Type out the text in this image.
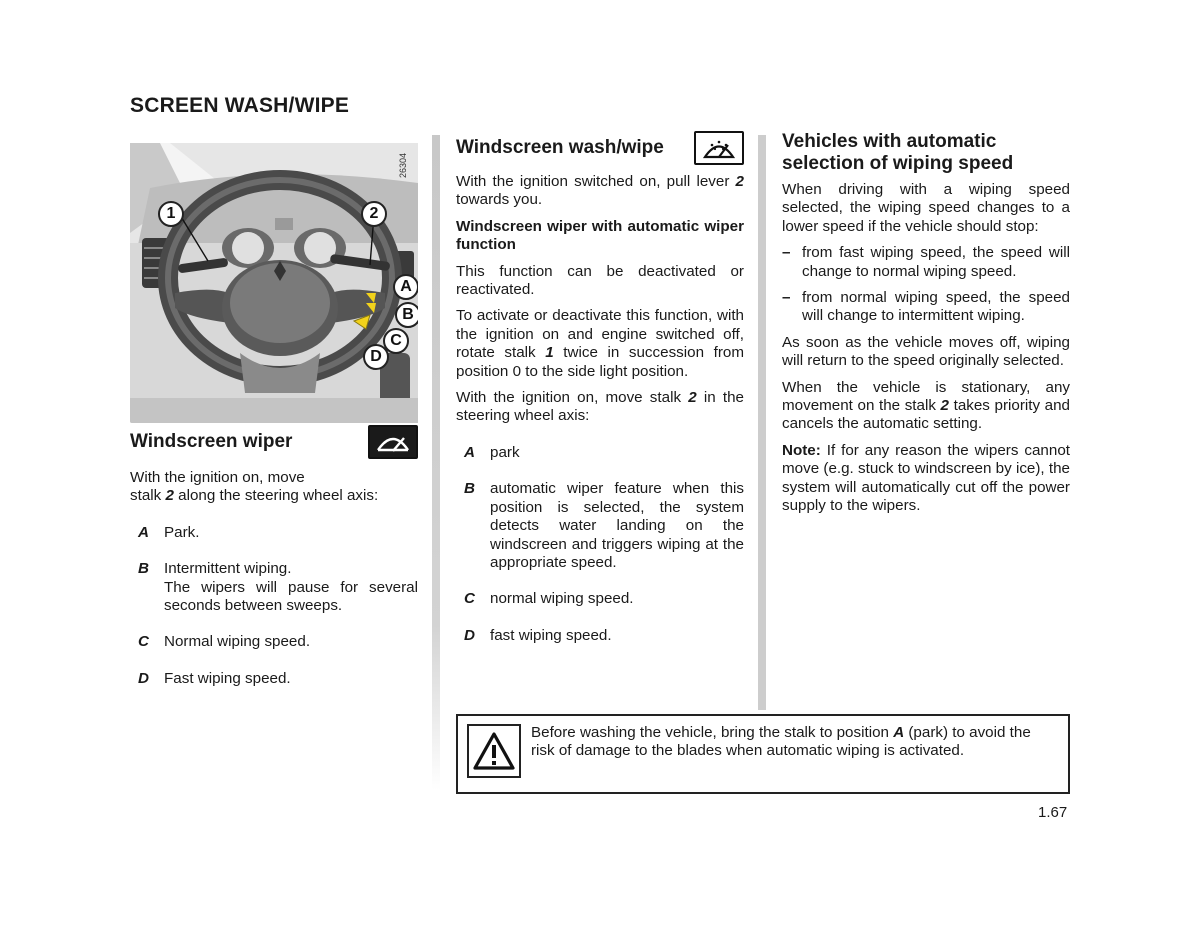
SCREEN WASH/WIPE
26304
1	2
A
B
C
D
Windscreen wiper

With the ignition on, move
stalk 2 along the steering wheel axis:

A Park.
B Intermittent wiping.
The wipers will pause for several seconds between sweeps.
C Normal wiping speed.
D Fast wiping speed.
Windscreen wash/wipe

With the ignition switched on, pull lever 2 towards you.

Windscreen wiper with automatic wiper function

This function can be deactivated or reactivated.

To activate or deactivate this function, with the ignition on and engine switched off, rotate stalk 1 twice in succession from position 0 to the side light position.

With the ignition on, move stalk 2 in the steering wheel axis:

A park
B automatic wiper feature when this position is selected, the system detects water landing on the windscreen and triggers wiping at the appropriate speed.
C normal wiping speed.
D fast wiping speed.
Vehicles with automatic selection of wiping speed

When driving with a wiping speed selected, the wiping speed changes to a lower speed if the vehicle should stop:

– from fast wiping speed, the speed will change to normal wiping speed.
– from normal wiping speed, the speed will change to intermittent wiping.

As soon as the vehicle moves off, wiping will return to the speed originally selected.

When the vehicle is stationary, any movement on the stalk 2 takes priority and cancels the automatic setting.

Note: If for any reason the wipers cannot move (e.g. stuck to windscreen by ice), the system will automatically cut off the power supply to the wipers.

Before washing the vehicle, bring the stalk to position A (park) to avoid the risk of damage to the blades when automatic wiping is activated.
1.67
